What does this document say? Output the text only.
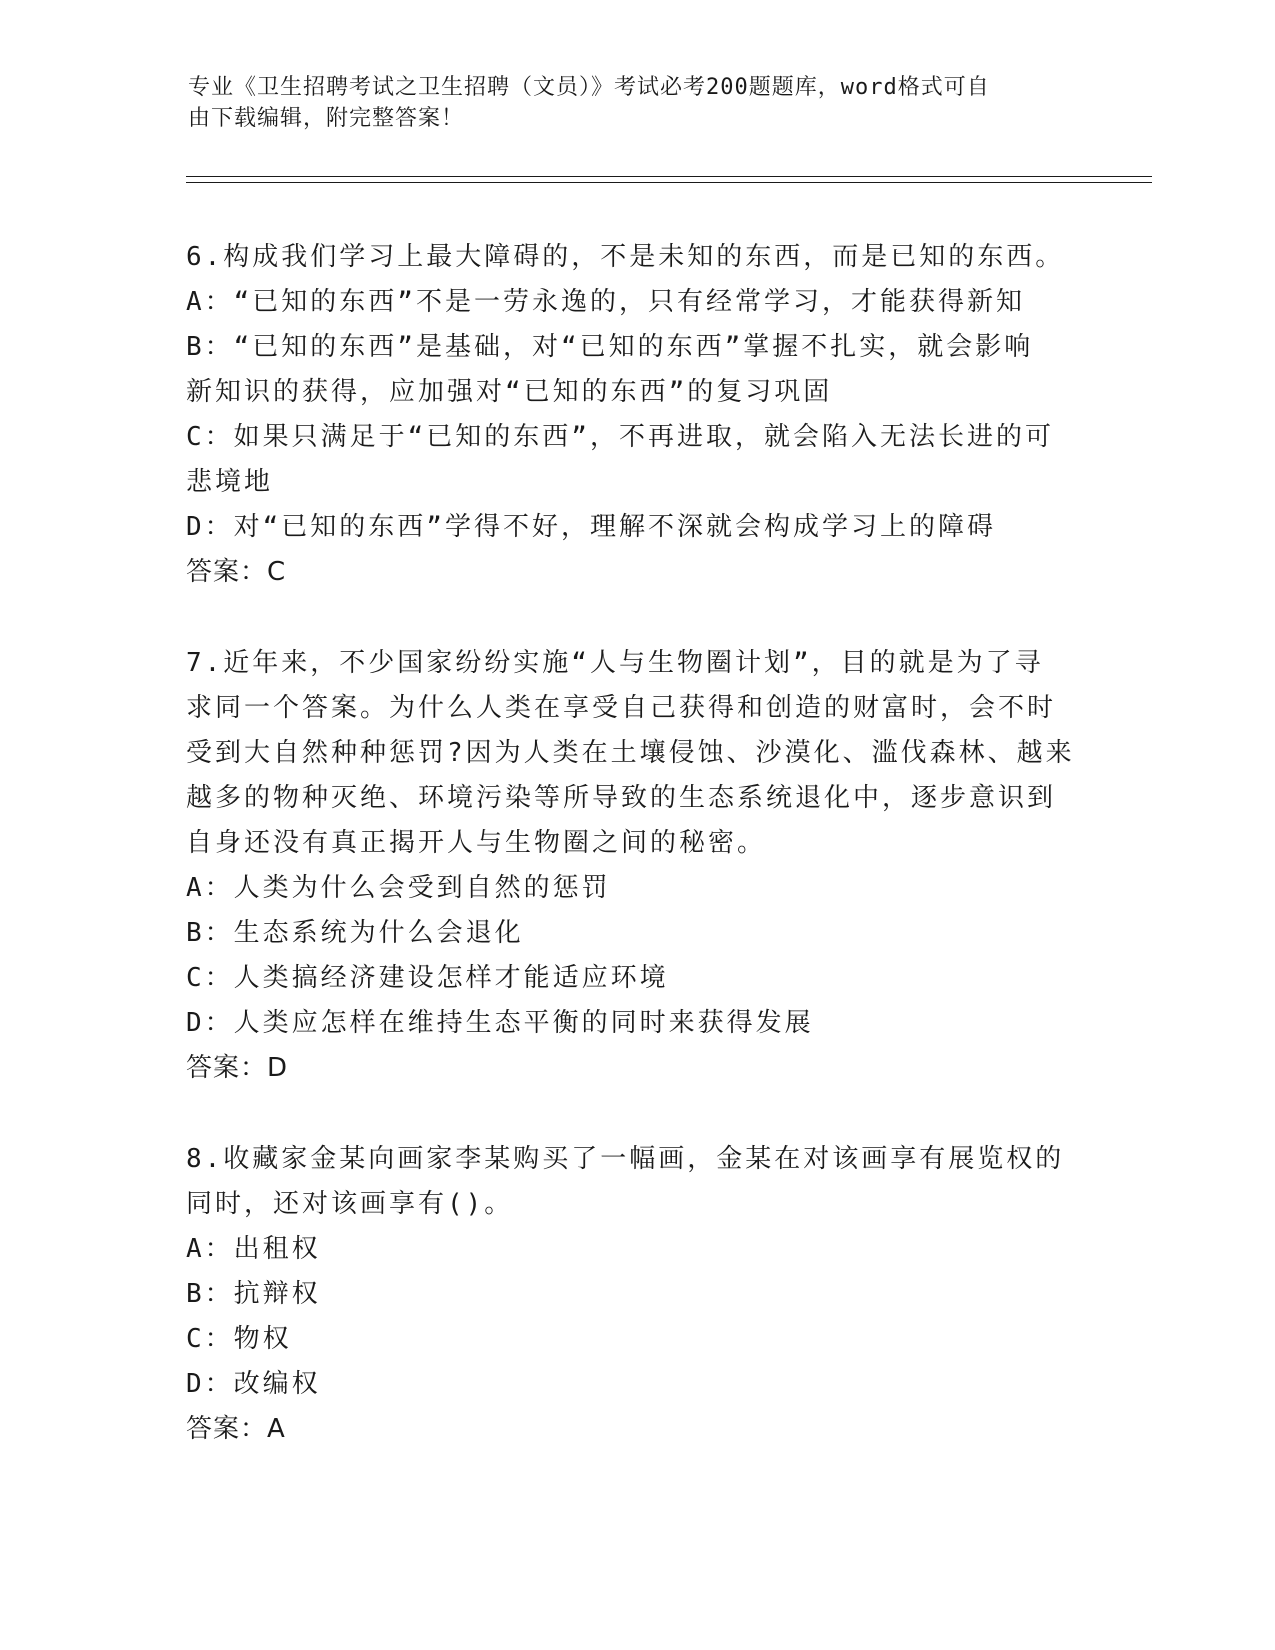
专业《卫生招聘考试之卫生招聘（文员）》考试必考200题题库，word格式可自
由下载编辑，附完整答案！
6.构成我们学习上最大障碍的，不是未知的东西，而是已知的东西。
A：“已知的东西”不是一劳永逸的，只有经常学习，才能获得新知
B：“已知的东西”是基础，对“已知的东西”掌握不扎实，就会影响
新知识的获得，应加强对“已知的东西”的复习巩固
C：如果只满足于“已知的东西”，不再进取，就会陷入无法长进的可
悲境地
D：对“已知的东西”学得不好，理解不深就会构成学习上的障碍
答案：C
7.近年来，不少国家纷纷实施“人与生物圈计划”，目的就是为了寻
求同一个答案。为什么人类在享受自己获得和创造的财富时，会不时
受到大自然种种惩罚?因为人类在土壤侵蚀、沙漠化、滥伐森林、越来
越多的物种灭绝、环境污染等所导致的生态系统退化中，逐步意识到
自身还没有真正揭开人与生物圈之间的秘密。
A：人类为什么会受到自然的惩罚
B：生态系统为什么会退化
C：人类搞经济建设怎样才能适应环境
D：人类应怎样在维持生态平衡的同时来获得发展
答案：D
8.收藏家金某向画家李某购买了一幅画，金某在对该画享有展览权的
同时，还对该画享有()。
A：出租权
B：抗辩权
C：物权
D：改编权
答案：A
